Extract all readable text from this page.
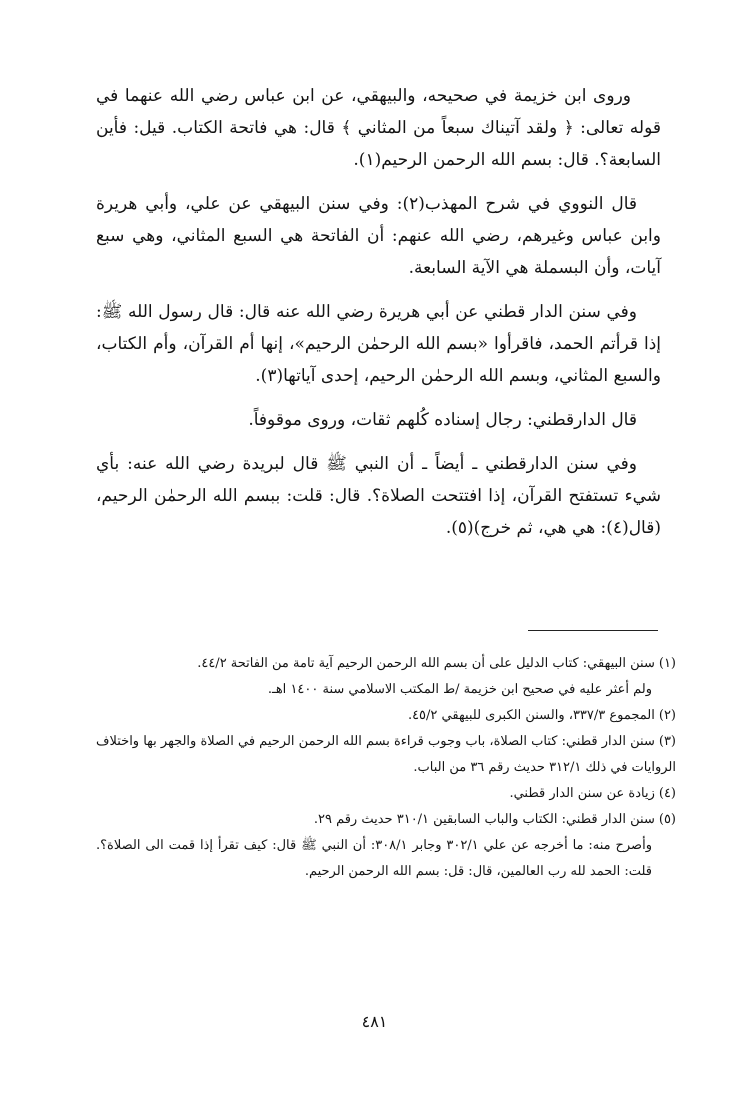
وروى ابن خزيمة في صحيحه، والبيهقي، عن ابن عباس رضي الله عنهما في قوله تعالى: ﴿ ولقد آتيناك سبعاً من المثاني ﴾ قال: هي فاتحة الكتاب. قيل: فأين السابعة؟. قال: بسم الله الرحمن الرحيم(١).

قال النووي في شرح المهذب(٢): وفي سنن البيهقي عن علي، وأبي هريرة وابن عباس وغيرهم، رضي الله عنهم: أن الفاتحة هي السبع المثاني، وهي سبع آيات، وأن البسملة هي الآية السابعة.

وفي سنن الدار قطني عن أبي هريرة رضي الله عنه قال: قال رسول الله ﷺ: إذا قرأتم الحمد، فاقرأوا «بسم الله الرحمٰن الرحيم»، إنها أم القرآن، وأم الكتاب، والسبع المثاني، وبسم الله الرحمٰن الرحيم، إحدى آياتها(٣).

قال الدارقطني: رجال إسناده كُلهم ثقات، وروى موقوفاً.

وفي سنن الدارقطني ـ أيضاً ـ أن النبي ﷺ قال لبريدة رضي الله عنه: بأي شيء تستفتح القرآن، إذا افتتحت الصلاة؟. قال: قلت: ببسم الله الرحمٰن الرحيم، (قال(٤): هي هي، ثم خرج)(٥).

(١)سنن البيهقي: كتاب الدليل على أن بسم الله الرحمن الرحيم آية تامة من الفاتحة ٤٤/٢.

ولم أعثر عليه في صحيح ابن خزيمة /ط المكتب الاسلامي سنة ١٤٠٠ اهـ.

(٢)المجموع ٣٣٧/٣، والسنن الكبرى للبيهقي ٤٥/٢.

(٣)سنن الدار قطني: كتاب الصلاة، باب وجوب قراءة بسم الله الرحمن الرحيم في الصلاة والجهر بها واختلاف الروايات في ذلك ٣١٢/١ حديث رقم ٣٦ من الباب.

(٤)زيادة عن سنن الدار قطني.

(٥)سنن الدار قطني: الكتاب والباب السابقين ٣١٠/١ حديث رقم ٢٩.

وأصرح منه: ما أخرجه عن علي ٣٠٢/١ وجابر ٣٠٨/١: أن النبي ﷺ قال: كيف تقرأ إذا قمت الى الصلاة؟. قلت: الحمد لله رب العالمين، قال: قل: بسم الله الرحمن الرحيم.

٤٨١
